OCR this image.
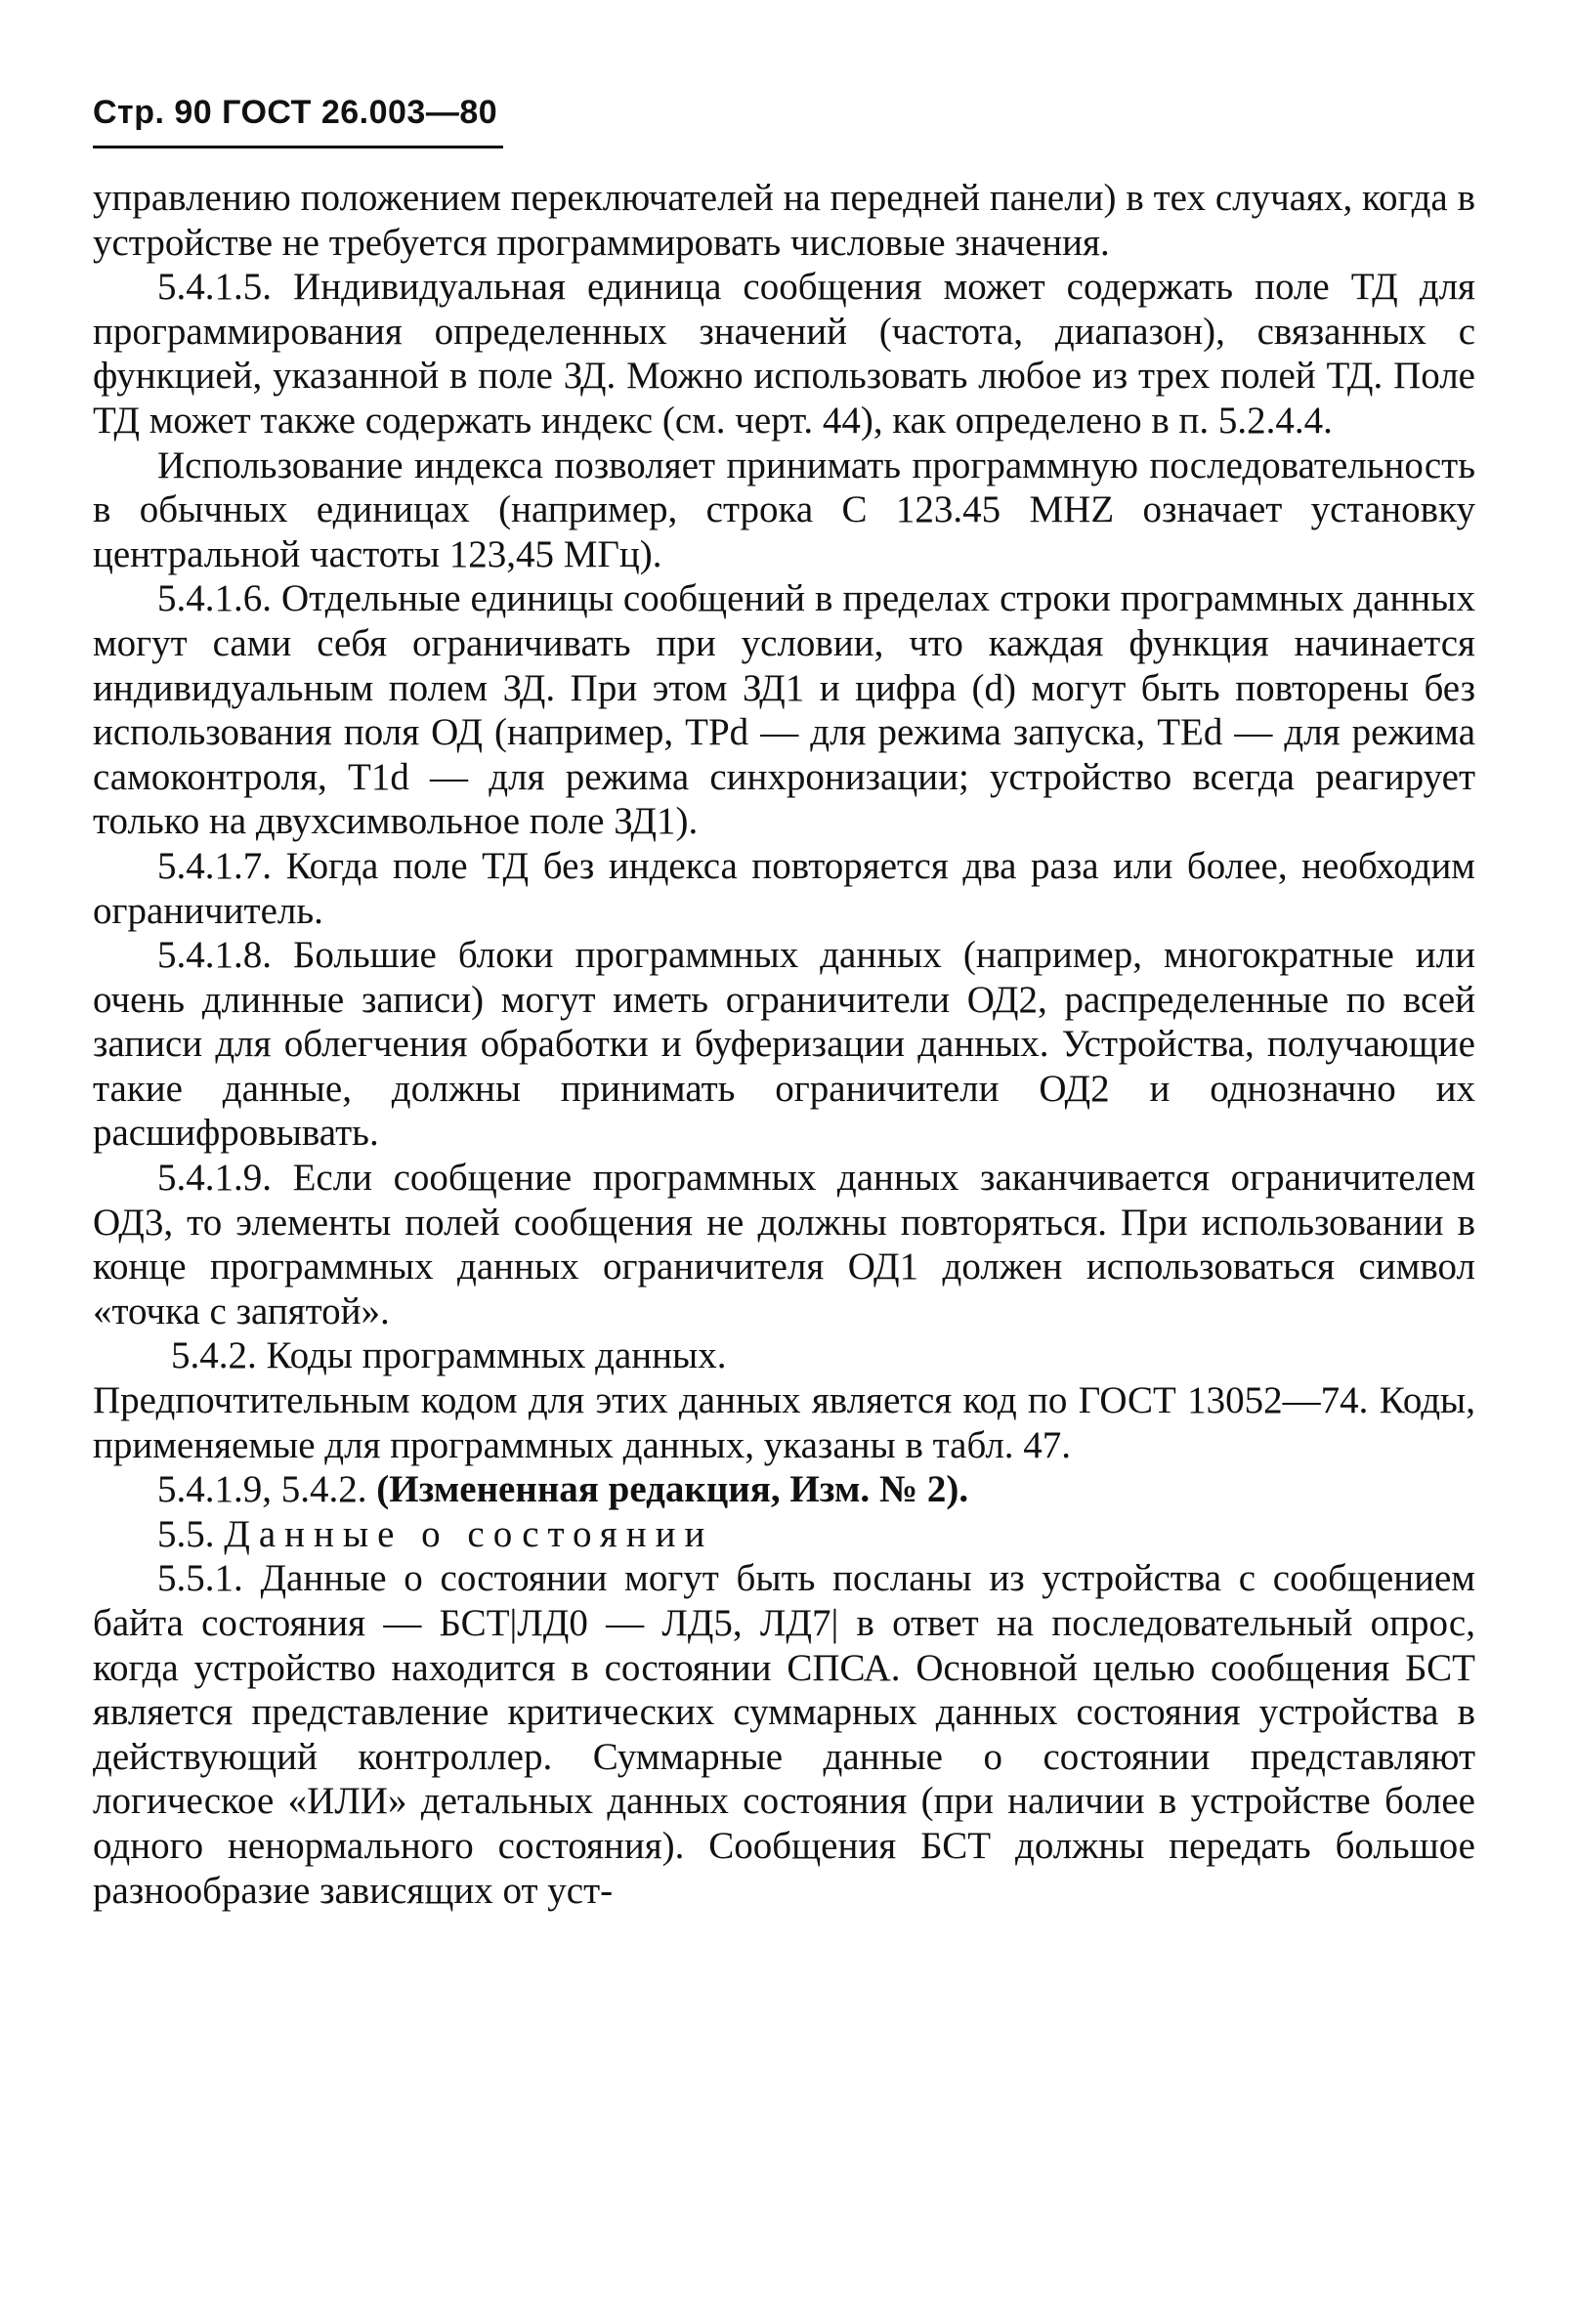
Стр. 90 ГОСТ 26.003—80

управлению положением переключателей на передней панели) в тех случаях, когда в устройстве не требуется программировать числовые значения.

5.4.1.5. Индивидуальная единица сообщения может содержать поле ТД для программирования определенных значений (частота, диапазон), связанных с функцией, указанной в поле ЗД. Можно использовать любое из трех полей ТД. Поле ТД может также содержать индекс (см. черт. 44), как определено в п. 5.2.4.4.

Использование индекса позволяет принимать программную последовательность в обычных единицах (например, строка С 123.45 MHZ означает установку центральной частоты 123,45 МГц).

5.4.1.6. Отдельные единицы сообщений в пределах строки программных данных могут сами себя ограничивать при условии, что каждая функция начинается индивидуальным полем ЗД. При этом ЗД1 и цифра (d) могут быть повторены без использования поля ОД (например, TPd — для режима запуска, TEd — для режима самоконтроля, T1d — для режима синхронизации; устройство всегда реагирует только на двухсимвольное поле ЗД1).

5.4.1.7. Когда поле ТД без индекса повторяется два раза или более, необходим ограничитель.

5.4.1.8. Большие блоки программных данных (например, многократные или очень длинные записи) могут иметь ограничители ОД2, распределенные по всей записи для облегчения обработки и буферизации данных. Устройства, получающие такие данные, должны принимать ограничители ОД2 и однозначно их расшифровывать.

5.4.1.9. Если сообщение программных данных заканчивается ограничителем ОД3, то элементы полей сообщения не должны повторяться. При использовании в конце программных данных ограничителя ОД1 должен использоваться символ «точка с запятой».

5.4.2. Коды программных данных.

Предпочтительным кодом для этих данных является код по ГОСТ 13052—74. Коды, применяемые для программных данных, указаны в табл. 47.

5.4.1.9, 5.4.2. (Измененная редакция, Изм. № 2).

5.5. Данные о состоянии

5.5.1. Данные о состоянии могут быть посланы из устройства с сообщением байта состояния — БСТ|ЛД0 — ЛД5, ЛД7| в ответ на последовательный опрос, когда устройство находится в состоянии СПСА. Основной целью сообщения БСТ является представление критических суммарных данных состояния устройства в действующий контроллер. Суммарные данные о состоянии представляют логическое «ИЛИ» детальных данных состояния (при наличии в устройстве более одного ненормального состояния). Сообщения БСТ должны передать большое разнообразие зависящих от уст-
